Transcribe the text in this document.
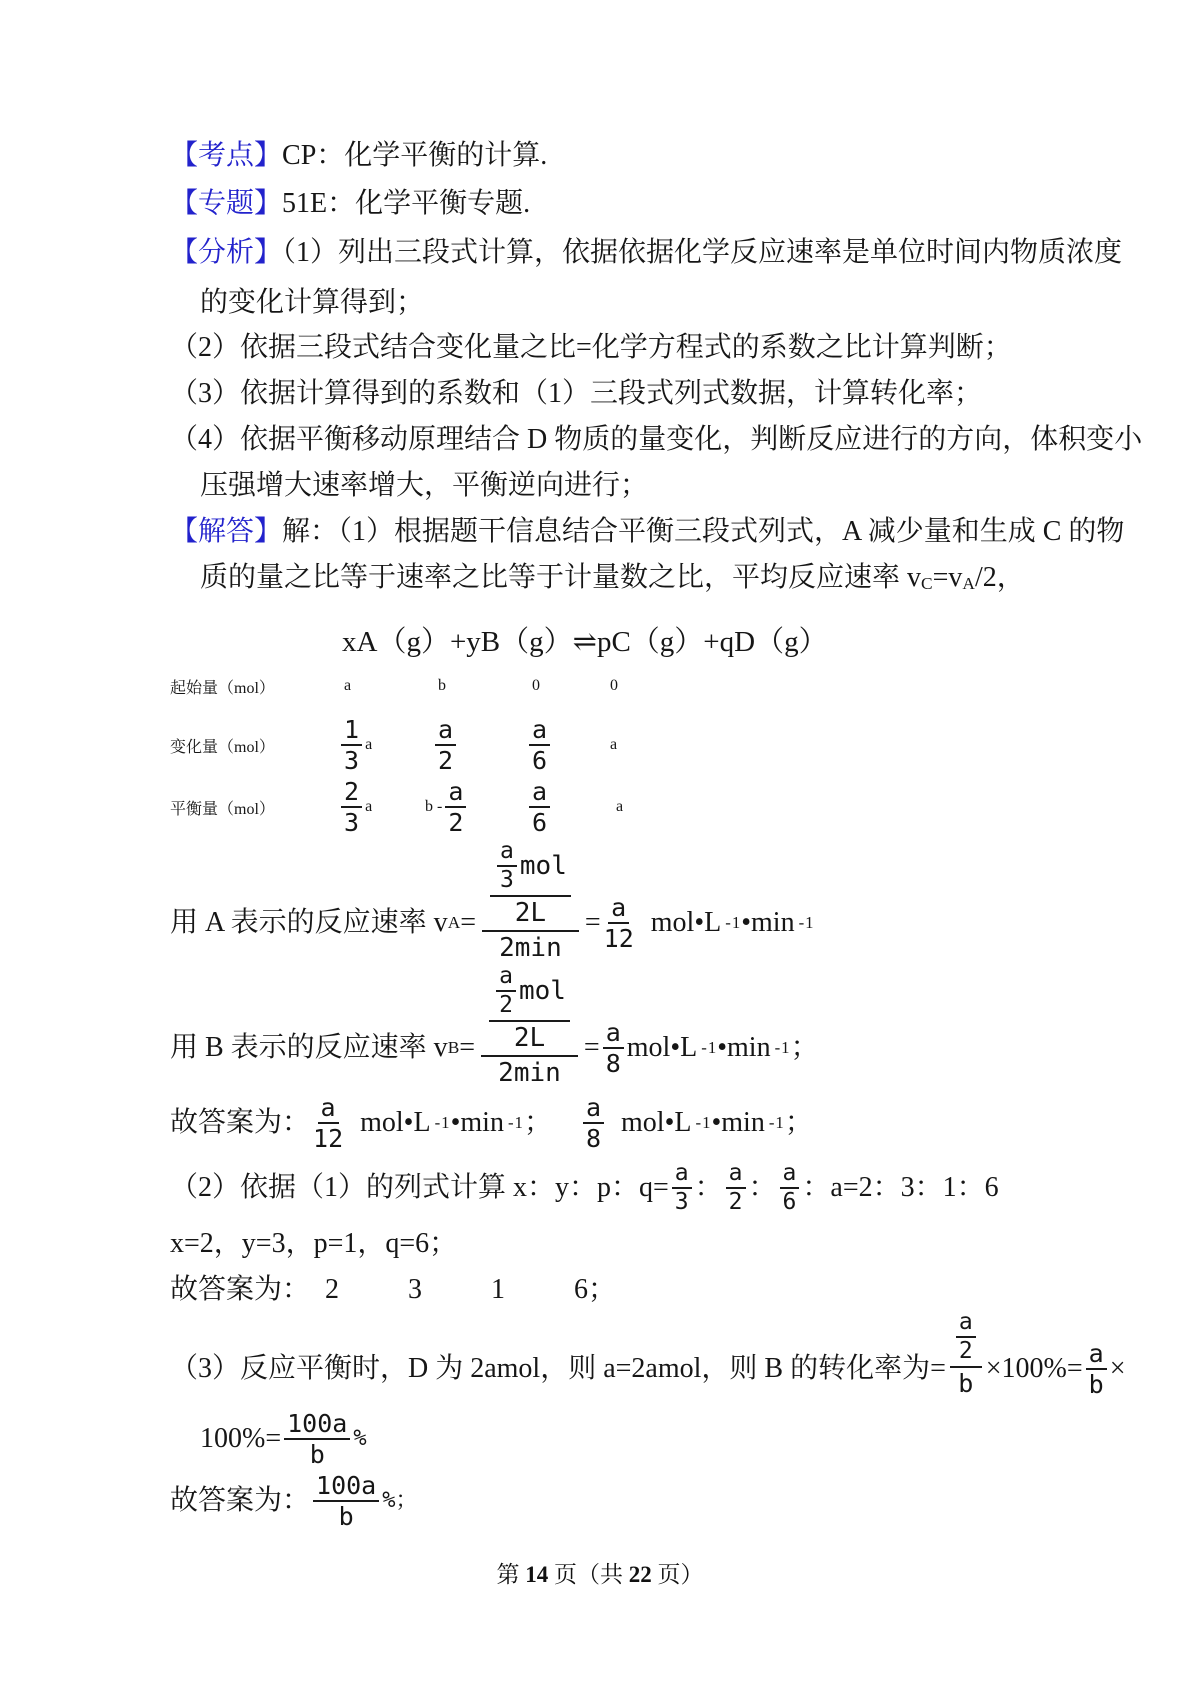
【考点】CP：化学平衡的计算.
【专题】51E：化学平衡专题.
【分析】（1）列出三段式计算，依据依据化学反应速率是单位时间内物质浓度
的变化计算得到；
（2）依据三段式结合变化量之比=化学方程式的系数之比计算判断；
（3）依据计算得到的系数和（1）三段式列式数据，计算转化率；
（4）依据平衡移动原理结合 D 物质的量变化，判断反应进行的方向，体积变小
压强增大速率增大，平衡逆向进行；
【解答】解：（1）根据题干信息结合平衡三段式列式，A 减少量和生成 C 的物
质的量之比等于速率之比等于计量数之比，平均反应速率 $v_C=v_A/2$，
xA（g）+yB（g）⇌pC（g）+qD（g）
起始量（mol）	a	b	0	0
变化量（mol）	$\frac{1}{3}$ a	$\frac{a}{2}$	$\frac{a}{6}$	a
平衡量（mol）	$\frac{2}{3}$ a	b - $\frac{a}{2}$	$\frac{a}{6}$	a
用 A 表示的反应速率 v $A = \frac{\frac{a}{3} mol}{2L}$
2min
= $\frac{a}{12}$ mol•L -1 •min -1
用 B 表示的反应速率 v $B = \frac{\frac{a}{2} mol}{2L}$
2min
= $\frac{a}{8}$ mol•L -1 •min -1 ；
故答案为： $\frac{a}{12}$ mol•L -1 •min -1 ； $\frac{a}{8}$ mol•L -1 •min -1 ；
（2）依据（1）的列式计算 x：y：p：$q= \frac{a}{3}$ ： $\frac{a}{2}$ ： $\frac{a}{6}$ ： a=2：3：1：6
x=2，y=3，p=1，q=6；
故答案为： 2 3 1 6；
（3）反应平衡时，D 为 2amol，则 a=2amol，则 B 的转化率为= $\frac{\frac{a}{2}}{b} \times 100\%= \frac{a}{b}$ ×
$100\%= \frac{100a}{b}$ %
故答案为： $\frac{100a}{b}$ %；
第 14 页（共 22 页）
